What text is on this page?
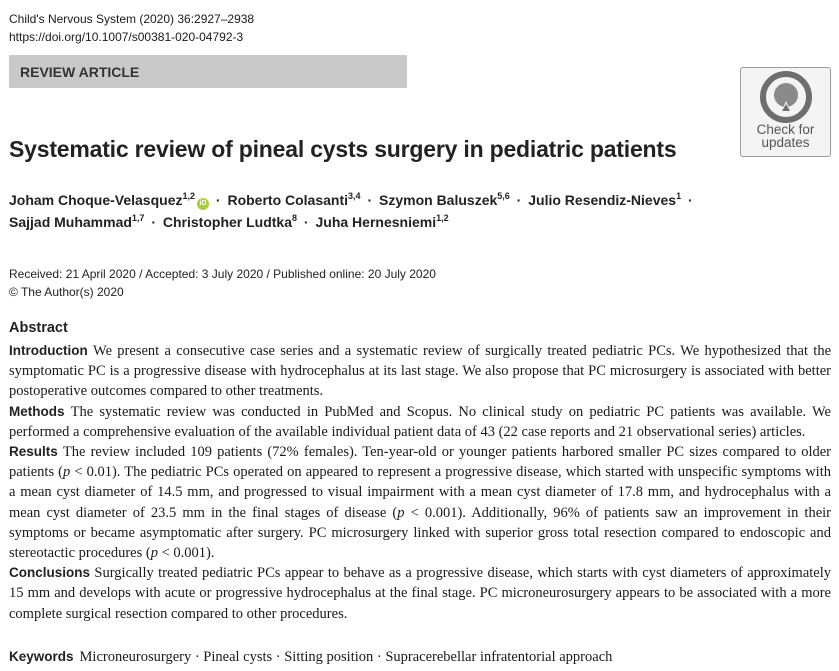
Child's Nervous System (2020) 36:2927–2938
https://doi.org/10.1007/s00381-020-04792-3
REVIEW ARTICLE
Check for
updates
Systematic review of pineal cysts surgery in pediatric patients
Joham Choque-Velasquez$^{1,2}$iD · Roberto Colasanti$^{3,4}$ · Szymon Baluszek$^{5,6}$ · Julio Resendiz-Nieves$^1$ ·
Sajjad Muhammad$^{1,7}$ · Christopher Ludtka$^8$ · Juha Hernesniemi$^{1,2}$
Received: 21 April 2020 / Accepted: 3 July 2020 / Published online: 20 July 2020
© The Author(s) 2020
Abstract

Introduction We present a consecutive case series and a systematic review of surgically treated pediatric PCs. We hypothesized that the symptomatic PC is a progressive disease with hydrocephalus at its last stage. We also propose that PC microsurgery is associated with better postoperative outcomes compared to other treatments.

Methods The systematic review was conducted in PubMed and Scopus. No clinical study on pediatric PC patients was available. We performed a comprehensive evaluation of the available individual patient data of 43 (22 case reports and 21 observational series) articles.

Results The review included 109 patients (72% females). Ten-year-old or younger patients harbored smaller PC sizes compared to older patients (p < 0.01). The pediatric PCs operated on appeared to represent a progressive disease, which started with unspecific symptoms with a mean cyst diameter of 14.5 mm, and progressed to visual impairment with a mean cyst diameter of 17.8 mm, and hydrocephalus with a mean cyst diameter of 23.5 mm in the final stages of disease (p < 0.001). Additionally, 96% of patients saw an improvement in their symptoms or became asymptomatic after surgery. PC microsurgery linked with superior gross total resection compared to endoscopic and stereotactic procedures (p < 0.001).

Conclusions Surgically treated pediatric PCs appear to behave as a progressive disease, which starts with cyst diameters of approximately 15 mm and develops with acute or progressive hydrocephalus at the final stage. PC microneurosurgery appears to be associated with a more complete surgical resection compared to other procedures.

Keywords Microneurosurgery · Pineal cysts · Sitting position · Supracerebellar infratentorial approach
